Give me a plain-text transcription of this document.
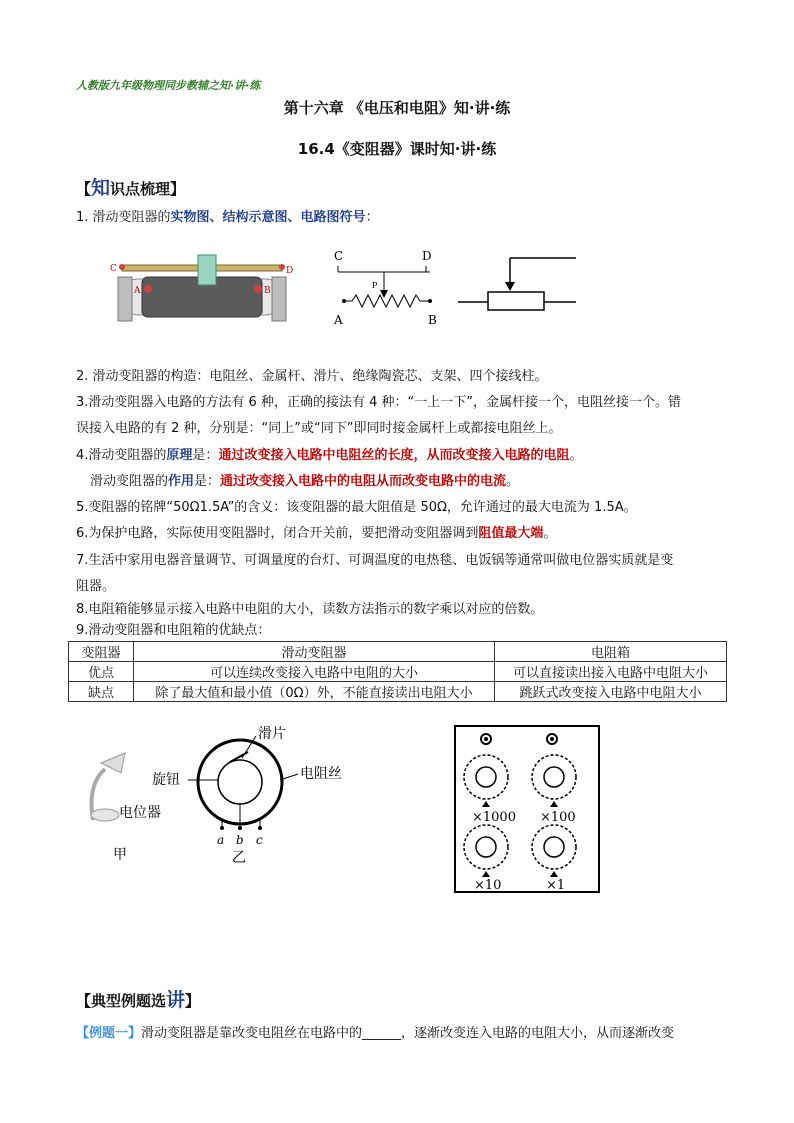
人教版九年级物理同步教辅之知·讲·练
第十六章 《电压和电阻》知·讲·练
16.4《变阻器》课时知·讲·练
【知识点梳理】
1. 滑动变阻器的实物图、结构示意图、电路图符号：
C	D
A	B
C	D
P
A	B
2. 滑动变阻器的构造：电阻丝、金属杆、滑片、绝缘陶瓷芯、支架、四个接线柱。
3.滑动变阻器入电路的方法有 6 种，正确的接法有 4 种：“一上一下”，金属杆接一个，电阻丝接一个。错
误接入电路的有 2 种，分别是：“同上”或“同下”即同时接金属杆上或都接电阻丝上。
4.滑动变阻器的原理是：通过改变接入电路中电阻丝的长度，从而改变接入电路的电阻。
滑动变阻器的作用是：通过改变接入电路中的电阻从而改变电路中的电流。
5.变阻器的铭牌“50Ω1.5A”的含义：该变阻器的最大阻值是 50Ω，允许通过的最大电流为 1.5A。
6.为保护电路，实际使用变阻器时，闭合开关前，要把滑动变阻器调到阻值最大端。
7.生活中家用电器音量调节、可调量度的台灯、可调温度的电热毯、电饭锅等通常叫做电位器实质就是变
阻器。
8.电阻箱能够显示接入电路中电阻的大小，读数方法指示的数字乘以对应的倍数。
9.滑动变阻器和电阻箱的优缺点：
变阻器	滑动变阻器	电阻箱
优点	可以连续改变接入电路中电阻的大小	可以直接读出接入电路中电阻大小
缺点	除了最大值和最小值（0Ω）外，不能直接读出电阻大小	跳跃式改变接入电路中电阻大小
电位器
甲
滑片
旋钮	电阻丝
a b c
乙
×1000 ×100
×10	×1
【典型例题选讲】
【例题一】滑动变阻器是靠改变电阻丝在电路中的______，逐渐改变连入电路的电阻大小，从而逐渐改变
